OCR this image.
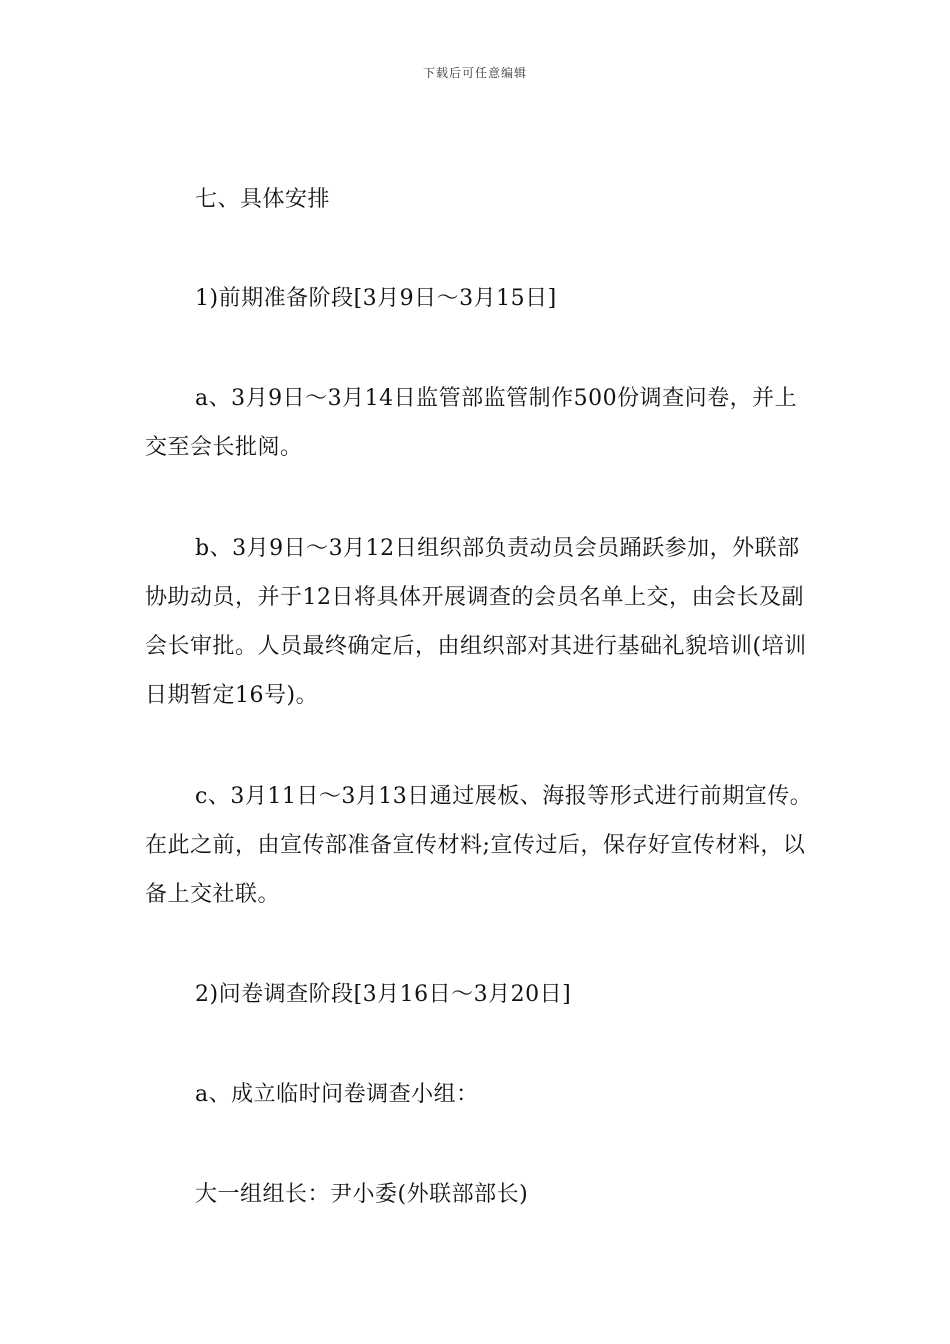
下载后可任意编辑

七、具体安排

1)前期准备阶段[3月9日～3月15日]

a、3月9日～3月14日监管部监管制作500份调查问卷，并上交至会长批阅。

b、3月9日～3月12日组织部负责动员会员踊跃参加，外联部协助动员，并于12日将具体开展调查的会员名单上交，由会长及副会长审批。人员最终确定后，由组织部对其进行基础礼貌培训(培训日期暂定16号)。

c、3月11日～3月13日通过展板、海报等形式进行前期宣传。在此之前，由宣传部准备宣传材料;宣传过后，保存好宣传材料，以备上交社联。

2)问卷调查阶段[3月16日～3月20日]

a、成立临时问卷调查小组：

大一组组长：尹小委(外联部部长)
